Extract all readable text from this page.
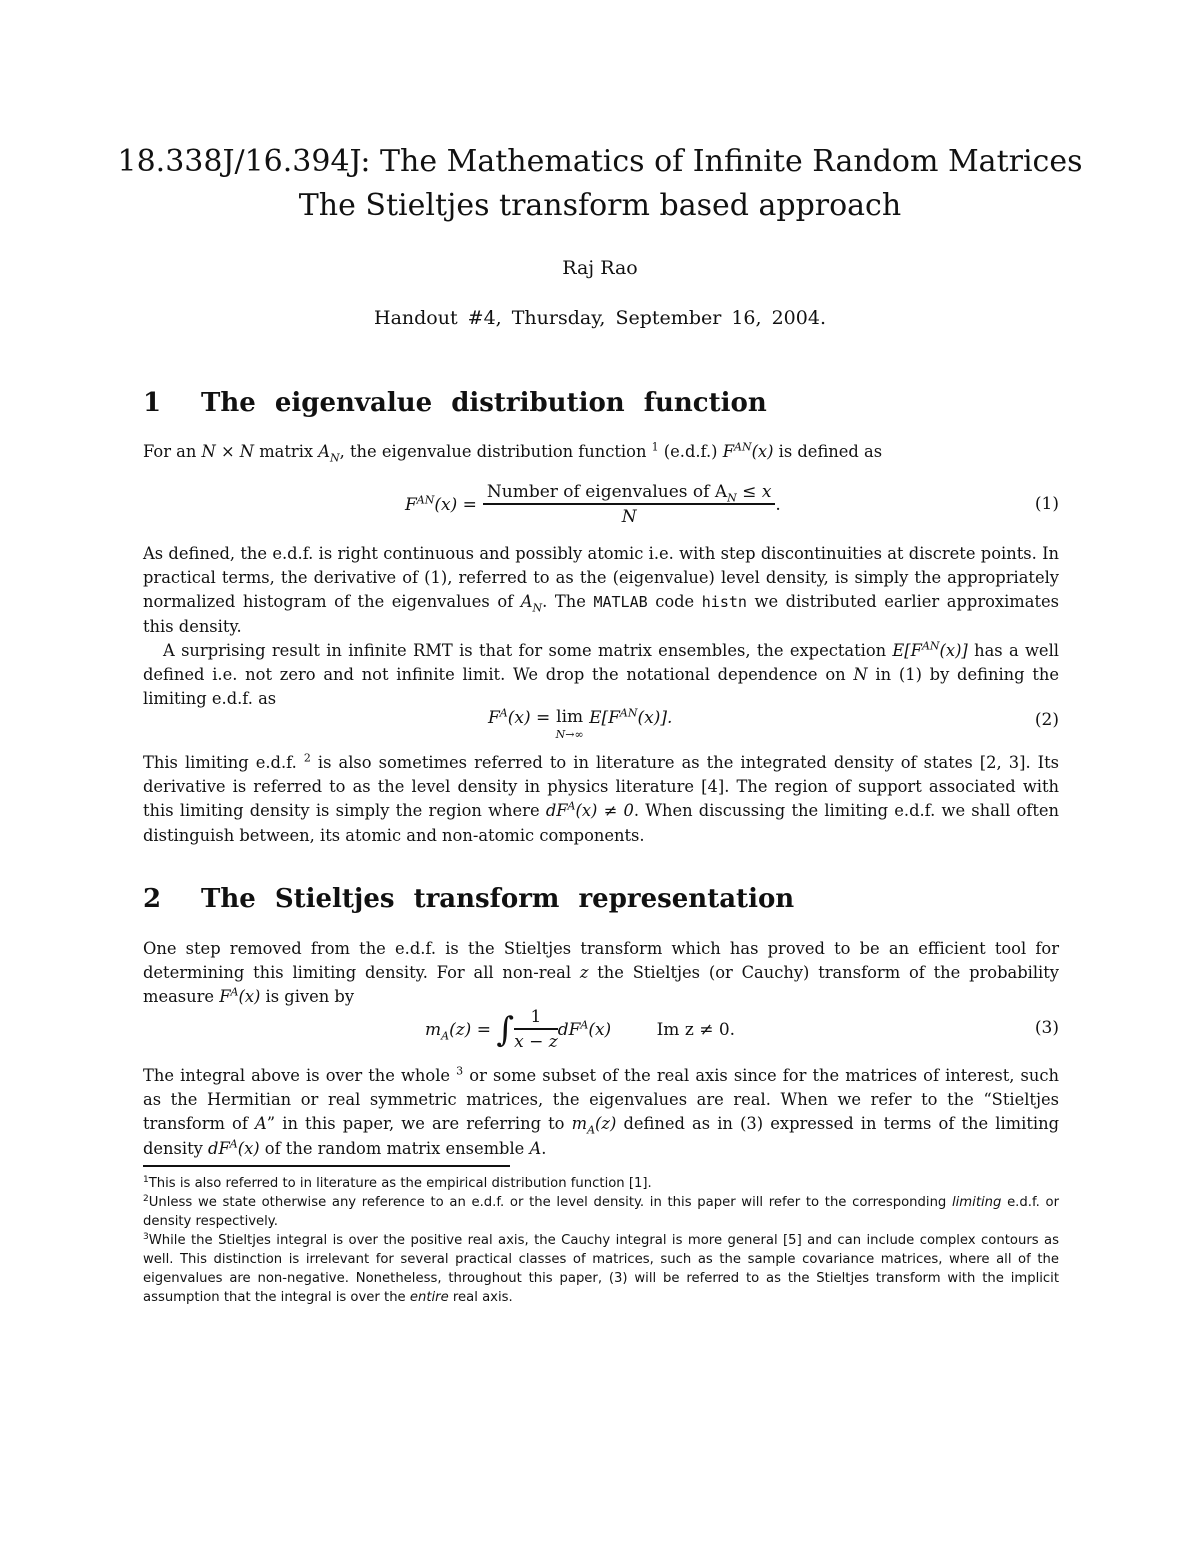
18.338J/16.394J: The Mathematics of Infinite Random Matrices
The Stieltjes transform based approach
Raj Rao
Handout #4, Thursday, September 16, 2004.
1 The eigenvalue distribution function
For an N × N matrix $A_N$, the eigenvalue distribution function $^1$ (e.d.f.) $F^{AN}(x)$ is defined as
$F^{AN}(x) = \frac{Number of eigenvalues of A_N \le x}{N}$ .	(1)
As defined, the e.d.f. is right continuous and possibly atomic i.e. with step discontinuities at discrete points. In practical terms, the derivative of (1), referred to as the (eigenvalue) level density, is simply the appropriately normalized histogram of the eigenvalues of $A_N$. The MATLAB code histn we distributed earlier approximates this density.
A surprising result in infinite RMT is that for some matrix ensembles, the expectation $E[F^{AN}(x)]$ has a well defined i.e. not zero and not infinite limit. We drop the notational dependence on N in (1) by defining the limiting e.d.f. as
$F^A(x) = \lim$
N→∞
$E[F^{AN}(x)]$.	(2)
This limiting e.d.f. $^2$ is also sometimes referred to in literature as the integrated density of states [2, 3]. Its derivative is referred to as the level density in physics literature [4]. The region of support associated with this limiting density is simply the region where $dF^A(x) \ne 0$. When discussing the limiting e.d.f. we shall often distinguish between, its atomic and non-atomic components.
2 The Stieltjes transform representation
One step removed from the e.d.f. is the Stieltjes transform which has proved to be an efficient tool for determining this limiting density. For all non-real z the Stieltjes (or Cauchy) transform of the probability measure $F^A(x)$ is given by
$m_A(z)$ = ∫ $\frac{1}{x - z} dF^A(x)$	Im z ≠ 0.	(3)
The integral above is over the whole $^3$ or some subset of the real axis since for the matrices of interest, such as the Hermitian or real symmetric matrices, the eigenvalues are real. When we refer to the “Stieltjes transform of A” in this paper, we are referring to $m_A(z)$ defined as in (3) expressed in terms of the limiting density $dF^A(x)$ of the random matrix ensemble A.
$^1$This is also referred to in literature as the empirical distribution function [1].
$^2$Unless we state otherwise any reference to an e.d.f. or the level density. in this paper will refer to the corresponding limiting e.d.f. or density respectively.
$^3$While the Stieltjes integral is over the positive real axis, the Cauchy integral is more general [5] and can include complex contours as well. This distinction is irrelevant for several practical classes of matrices, such as the sample covariance matrices, where all of the eigenvalues are non-negative. Nonetheless, throughout this paper, (3) will be referred to as the Stieltjes transform with the implicit assumption that the integral is over the entire real axis.
